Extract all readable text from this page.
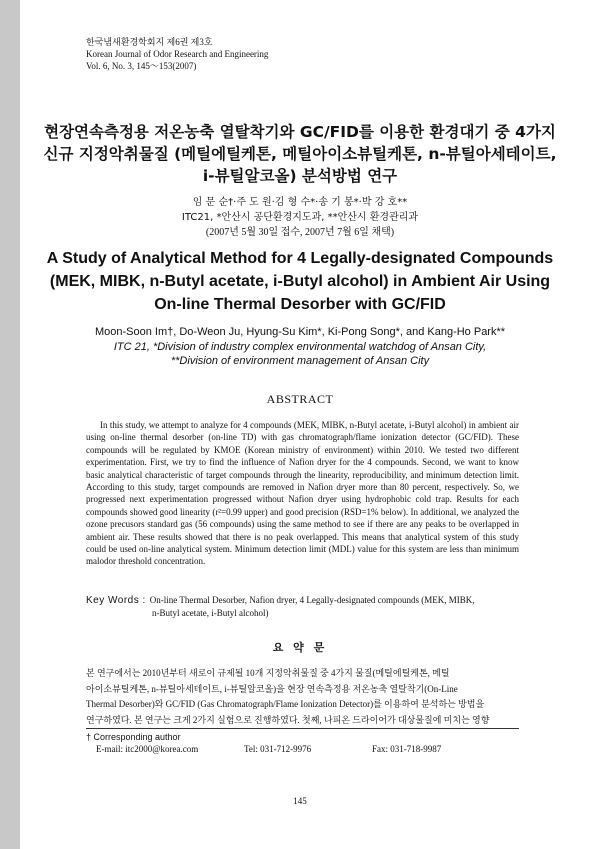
한국냄새환경학회지 제6권 제3호
Korean Journal of Odor Research and Engineering
Vol. 6, No. 3, 145～153(2007)
현장연속측정용 저온농축 열탈착기와 GC/FID를 이용한 환경대기 중 4가지
신규 지정악취물질 (메틸에틸케톤, 메틸아이소뷰틸케톤, n-뷰틸아세테이트,
i-뷰틸알코올) 분석방법 연구
임 문 순†·주 도 원·김 형 수*·송 기 봉*·박 강 호**
ITC21, *안산시 공단환경지도과, **안산시 환경관리과
(2007년 5월 30일 접수, 2007년 7월 6일 채택)
A Study of Analytical Method for 4 Legally-designated Compounds
(MEK, MIBK, n-Butyl acetate, i-Butyl alcohol) in Ambient Air Using
On-line Thermal Desorber with GC/FID
Moon-Soon Im†, Do-Weon Ju, Hyung-Su Kim*, Ki-Pong Song*, and Kang-Ho Park**
ITC 21, *Division of industry complex environmental watchdog of Ansan City,
**Division of environment management of Ansan City
ABSTRACT

In this study, we attempt to analyze for 4 compounds (MEK, MIBK, n-Butyl acetate, i-Butyl alcohol) in ambient air using on-line thermal desorber (on-line TD) with gas chromatograph/flame ionization detector (GC/FID). These compounds will be regulated by KMOE (Korean ministry of environment) within 2010. We tested two different experimentation. First, we try to find the influence of Nafion dryer for the 4 compounds. Second, we want to know basic analytical characteristic of target compounds through the linearity, reproducibility, and minimum detection limit. According to this study, target compounds are removed in Nafion dryer more than 80 percent, respectively. So, we progressed next experimentation progressed without Nafion dryer using hydrophobic cold trap. Results for each compounds showed good linearity (r²=0.99 upper) and good precision (RSD=1% below). In additional, we analyzed the ozone precusors standard gas (56 compounds) using the same method to see if there are any peaks to be overlapped in ambient air. These results showed that there is no peak overlapped. This means that analytical system of this study could be used on-line analytical system. Minimum detection limit (MDL) value for this system are less than minimum malodor threshold concentration.

Key Words : On-line Thermal Desorber, Nafion dryer, 4 Legally-designated compounds (MEK, MIBK,
n-Butyl acetate, i-Butyl alcohol)
요 약 문
본 연구에서는 2010년부터 새로이 규제될 10개 지정악취물질 중 4가지 물질(메틸에틸케톤, 메틸
아이소뷰틸케톤, n-뷰틸아세테이트, i-뷰틸알코올)을 현장 연속측정용 저온농축 열탈착기(On-Line
Thermal Desorber)와 GC/FID (Gas Chromatograph/Flame Ionization Detector)를 이용하여 분석하는 방법을
연구하였다. 본 연구는 크게 2가지 실험으로 진행하였다. 첫째, 나피온 드라이어가 대상물질에 미치는 영향
† Corresponding author
E-mail: itc2000@korea.com	Tel: 031-712-9976	Fax: 031-718-9987
145
